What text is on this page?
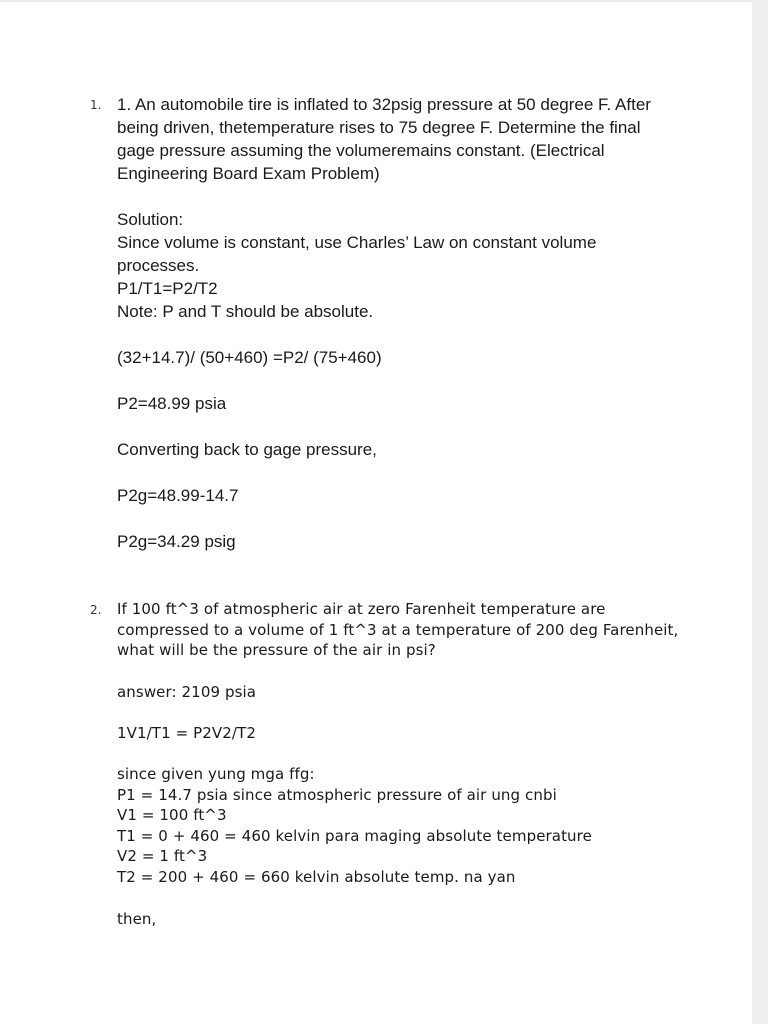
1. 1. An automobile tire is inflated to 32psig pressure at 50 degree F. After
being driven, thetemperature rises to 75 degree F. Determine the final
gage pressure assuming the volumeremains constant. (Electrical
Engineering Board Exam Problem)
Solution:
Since volume is constant, use Charles’ Law on constant volume
processes.
P1/T1=P2/T2
Note: P and T should be absolute.
(32+14.7)/ (50+460) =P2/ (75+460)
P2=48.99 psia
Converting back to gage pressure,
P2g=48.99-14.7
P2g=34.29 psig
2. If 100 ft^3 of atmospheric air at zero Farenheit temperature are
compressed to a volume of 1 ft^3 at a temperature of 200 deg Farenheit,
what will be the pressure of the air in psi?
answer: 2109 psia
1V1/T1 = P2V2/T2
since given yung mga ffg:
P1 = 14.7 psia since atmospheric pressure of air ung cnbi
V1 = 100 ft^3
T1 = 0 + 460 = 460 kelvin para maging absolute temperature
V2 = 1 ft^3
T2 = 200 + 460 = 660 kelvin absolute temp. na yan
then,
